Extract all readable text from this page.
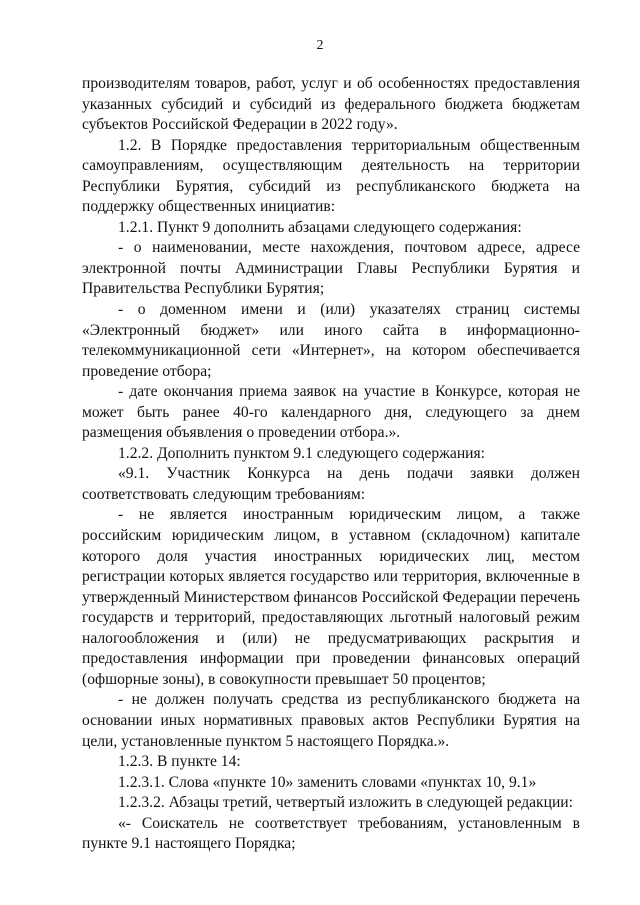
2

производителям товаров, работ, услуг и об особенностях предоставления указанных субсидий и субсидий из федерального бюджета бюджетам субъектов Российской Федерации в 2022 году».

1.2. В Порядке предоставления территориальным общественным самоуправлениям, осуществляющим деятельность на территории Республики Бурятия, субсидий из республиканского бюджета на поддержку общественных инициатив:

1.2.1. Пункт 9 дополнить абзацами следующего содержания:

- о наименовании, месте нахождения, почтовом адресе, адресе электронной почты Администрации Главы Республики Бурятия и Правительства Республики Бурятия;

- о доменном имени и (или) указателях страниц системы «Электронный бюджет» или иного сайта в информационно-телекоммуникационной сети «Интернет», на котором обеспечивается проведение отбора;

- дате окончания приема заявок на участие в Конкурсе, которая не может быть ранее 40-го календарного дня, следующего за днем размещения объявления о проведении отбора.».

1.2.2. Дополнить пунктом 9.1 следующего содержания:

«9.1. Участник Конкурса на день подачи заявки должен соответствовать следующим требованиям:

- не является иностранным юридическим лицом, а также российским юридическим лицом, в уставном (складочном) капитале которого доля участия иностранных юридических лиц, местом регистрации которых является государство или территория, включенные в утвержденный Министерством финансов Российской Федерации перечень государств и территорий, предоставляющих льготный налоговый режим налогообложения и (или) не предусматривающих раскрытия и предоставления информации при проведении финансовых операций (офшорные зоны), в совокупности превышает 50 процентов;

- не должен получать средства из республиканского бюджета на основании иных нормативных правовых актов Республики Бурятия на цели, установленные пунктом 5 настоящего Порядка.».

1.2.3. В пункте 14:

1.2.3.1. Слова «пункте 10» заменить словами «пунктах 10, 9.1»

1.2.3.2. Абзацы третий, четвертый изложить в следующей редакции:

«- Соискатель не соответствует требованиям, установленным в пункте 9.1 настоящего Порядка;
